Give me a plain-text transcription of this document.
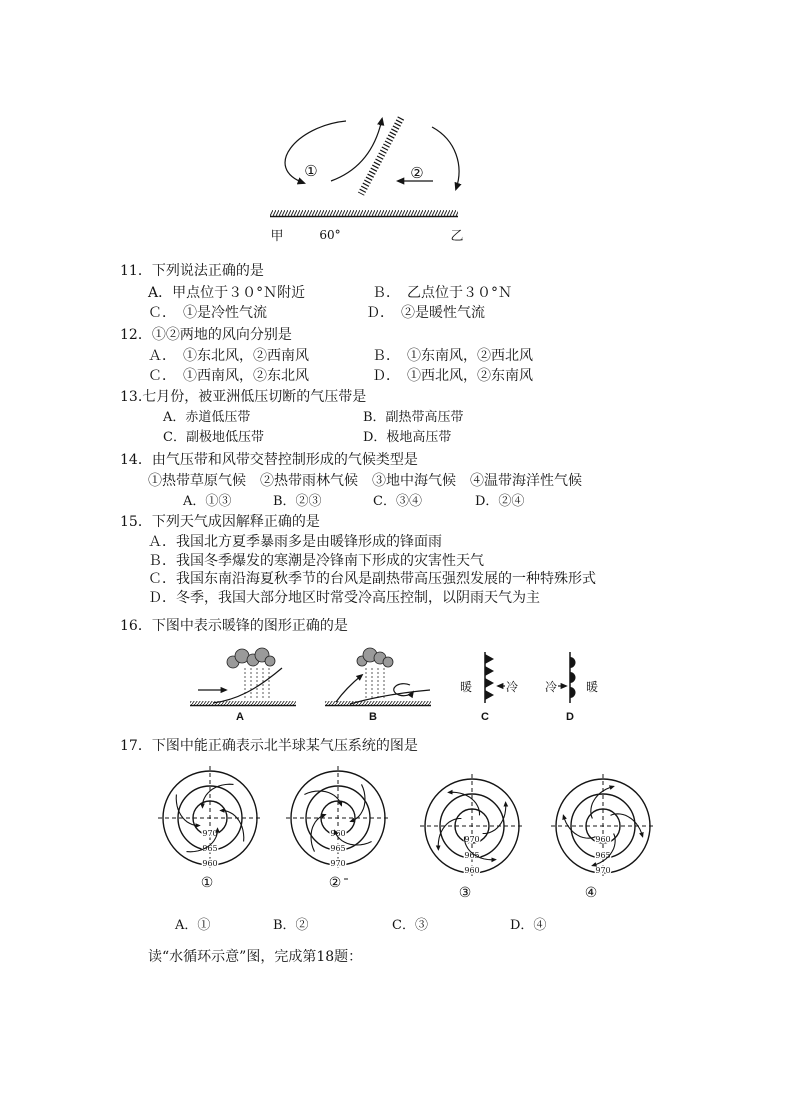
①	②
甲	60°	乙
11．下列说法正确的是
A．甲点位于３０°Ｎ附近	Ｂ．　乙点位于３０°Ｎ
Ｃ．　①是冷性气流	Ｄ．　②是暖性气流
12．①②两地的风向分别是
Ａ．　①东北风，②西南风	Ｂ．　①东南风，②西北风
Ｃ．　①西南风，②东北风	Ｄ．　①西北风，②东南风
13.七月份，被亚洲低压切断的气压带是
A．赤道低压带	B．副热带高压带
C．副极地低压带	D．极地高压带
14．由气压带和风带交替控制形成的气候类型是
①热带草原气候　②热带雨林气候　③地中海气候　④温带海洋性气候
A．①③	B．②③	C．③④	D．②④
15．下列天气成因解释正确的是
Ａ．我国北方夏季暴雨多是由暖锋形成的锋面雨
Ｂ．我国冬季爆发的寒潮是冷锋南下形成的灾害性天气
Ｃ．我国东南沿海夏秋季节的台风是副热带高压强烈发展的一种特殊形式
Ｄ．冬季，我国大部分地区时常受冷高压控制，以阴雨天气为主
16．下图中表示暖锋的图形正确的是
A	B
暖	冷
C
冷 暖
D
17．下图中能正确表示北半球某气压系统的图是
970
965
960
960
965
970
970
965
960
960
965
970
①	②
③	④
A．①	B．②	C．③	D．④
读“水循环示意”图，完成第18题：
